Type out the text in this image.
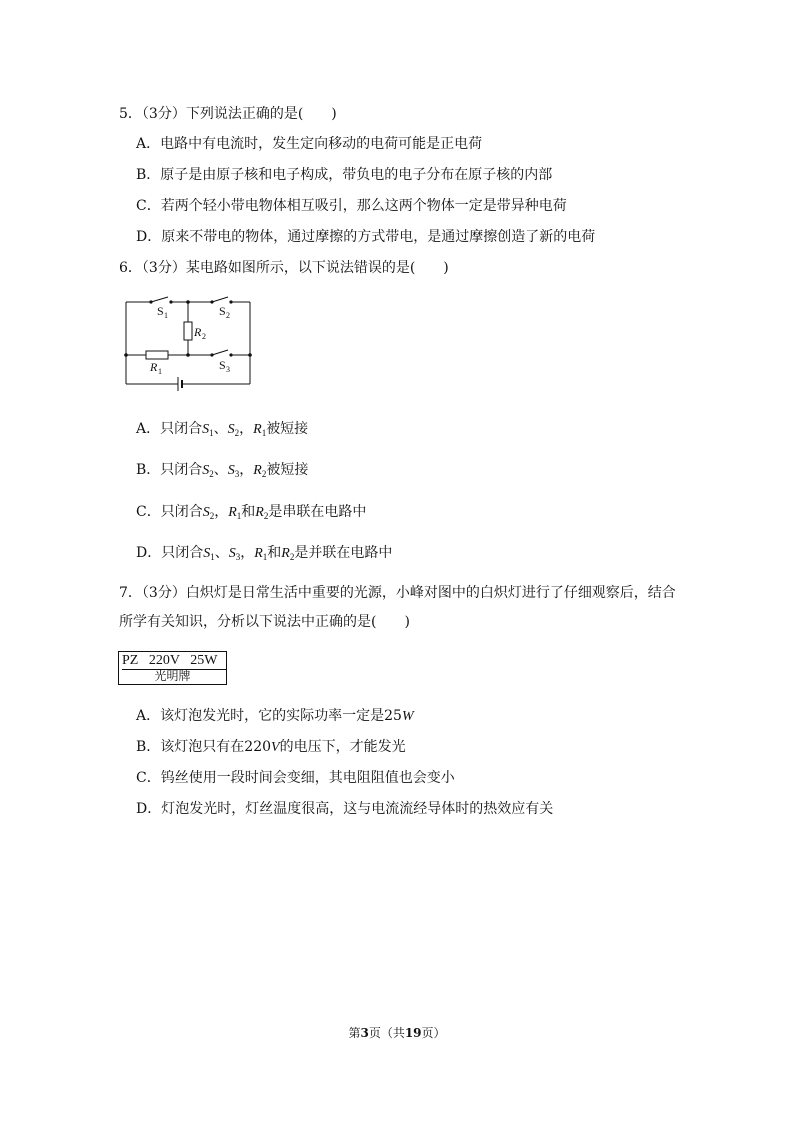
5．（3分）下列说法正确的是(　　)
A．电路中有电流时，发生定向移动的电荷可能是正电荷
B．原子是由原子核和电子构成，带负电的电子分布在原子核的内部
C．若两个轻小带电物体相互吸引，那么这两个物体一定是带异种电荷
D．原来不带电的物体，通过摩擦的方式带电，是通过摩擦创造了新的电荷
6．（3分）某电路如图所示，以下说法错误的是(　　)
S 1	S 2
R 2
S 3
R 1
A．只闭合$S_1$、$S_2$，$R_1$被短接
B．只闭合$S_2$、$S_3$，$R_2$被短接
C．只闭合$S_2$，$R_1$和$R_2$是串联在电路中
D．只闭合$S_1$、$S_3$，$R_1$和$R_2$是并联在电路中
7．（3分）白炽灯是日常生活中重要的光源，小峰对图中的白炽灯进行了仔细观察后，结合
所学有关知识，分析以下说法中正确的是(　　)
PZ   220V   25W
光明牌
A．该灯泡发光时，它的实际功率一定是25W
B．该灯泡只有在220V的电压下，才能发光
C．钨丝使用一段时间会变细，其电阻阻值也会变小
D．灯泡发光时，灯丝温度很高，这与电流流经导体时的热效应有关
第3页（共19页）
